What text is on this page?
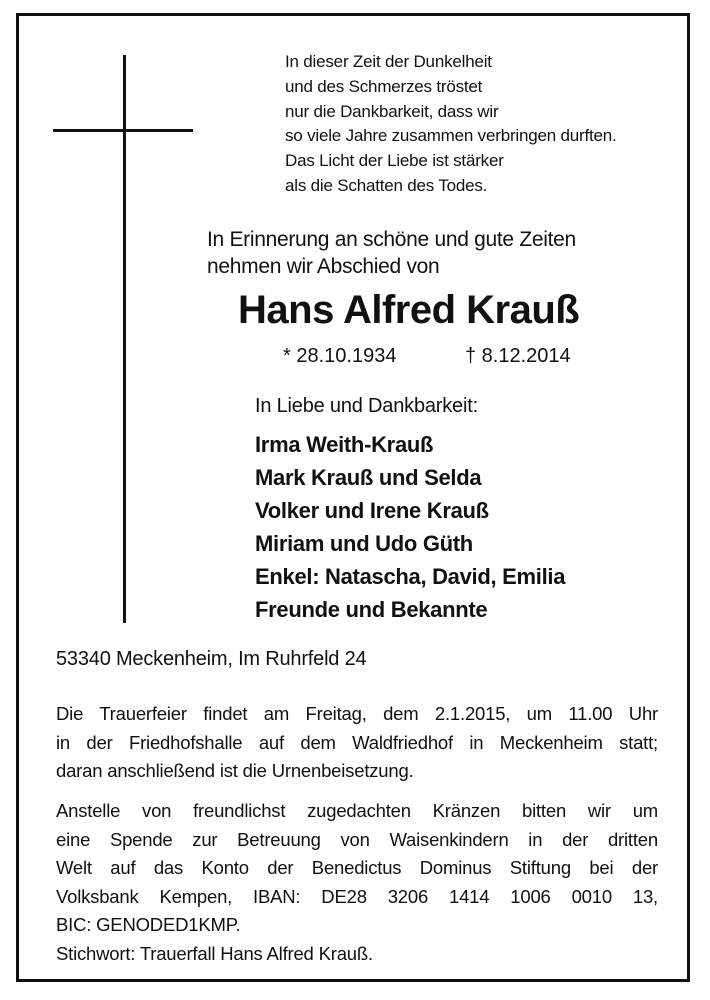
In dieser Zeit der Dunkelheit
und des Schmerzes tröstet
nur die Dankbarkeit, dass wir
so viele Jahre zusammen verbringen durften.
Das Licht der Liebe ist stärker
als die Schatten des Todes.
In Erinnerung an schöne und gute Zeiten
nehmen wir Abschied von
Hans Alfred Krauß
* 28.10.1934	† 8.12.2014
In Liebe und Dankbarkeit:
Irma Weith-Krauß
Mark Krauß und Selda
Volker und Irene Krauß
Miriam und Udo Güth
Enkel: Natascha, David, Emilia
Freunde und Bekannte
53340 Meckenheim, Im Ruhrfeld 24
Die Trauerfeier findet am Freitag, dem 2.1.2015, um 11.00 Uhr
in der Friedhofshalle auf dem Waldfriedhof in Meckenheim statt;
daran anschließend ist die Urnenbeisetzung.
Anstelle von freundlichst zugedachten Kränzen bitten wir um
eine Spende zur Betreuung von Waisenkindern in der dritten
Welt auf das Konto der Benedictus Dominus Stiftung bei der
Volksbank Kempen, IBAN: DE28 3206 1414 1006 0010 13,
BIC: GENODED1KMP.
Stichwort: Trauerfall Hans Alfred Krauß.
